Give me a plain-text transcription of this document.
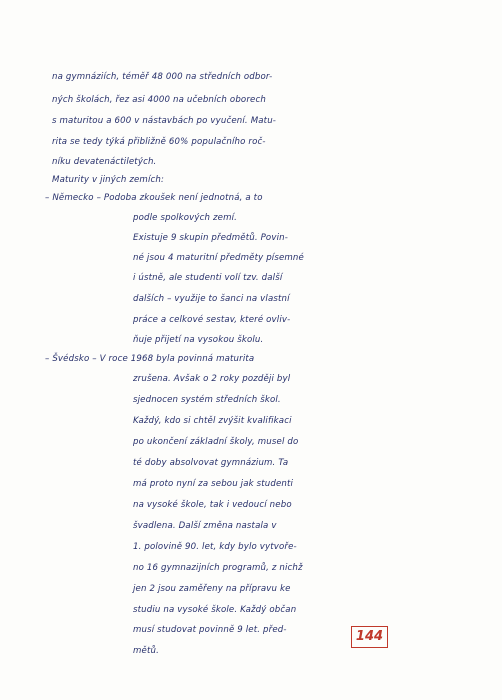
na gymnáziích, téměř 48 000 na středních odbor-

ných školách, řez asi 4000 na učebních oborech

s maturitou a 600 v nástavbách po vyučení. Matu-

rita se tedy týká přibližně 60% populačního roč-

níku devatenáctiletých.

Maturity v jiných zemích:

– Německo – Podoba zkoušek není jednotná, a to

podle spolkových zemí.

Existuje 9 skupin předmětů. Povin-

né jsou 4 maturitní předměty písemné

i ústně, ale studenti volí tzv. další

dalších – využije to šanci na vlastní

práce a celkové sestav, které ovliv-

ňuje přijetí na vysokou školu.

– Švédsko – V roce 1968 byla povinná maturita

zrušena. Avšak o 2 roky později byl

sjednocen systém středních škol.

Každý, kdo si chtěl zvýšit kvalifikaci

po ukončení základní školy, musel do

té doby absolvovat gymnázium. Ta

má proto nyní za sebou jak studenti

na vysoké škole, tak i vedoucí nebo

švadlena. Další změna nastala v

1. polovině 90. let, kdy bylo vytvoře-

no 16 gymnazijních programů, z nichž

jen 2 jsou zaměřeny na přípravu ke

studiu na vysoké škole. Každý občan

musí studovat povinně 9 let. před-

mětů.

144
